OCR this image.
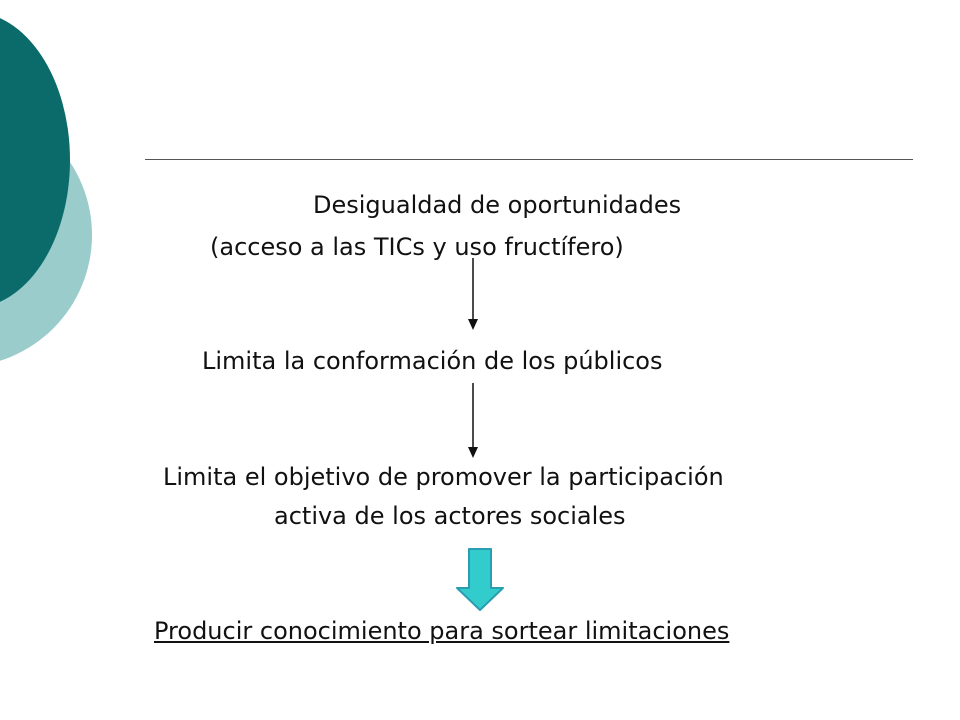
Desigualdad de oportunidades
(acceso a las TICs y uso fructífero)
Limita la conformación de los públicos
Limita el objetivo de promover la participación
activa de los actores sociales
Producir conocimiento para sortear limitaciones
